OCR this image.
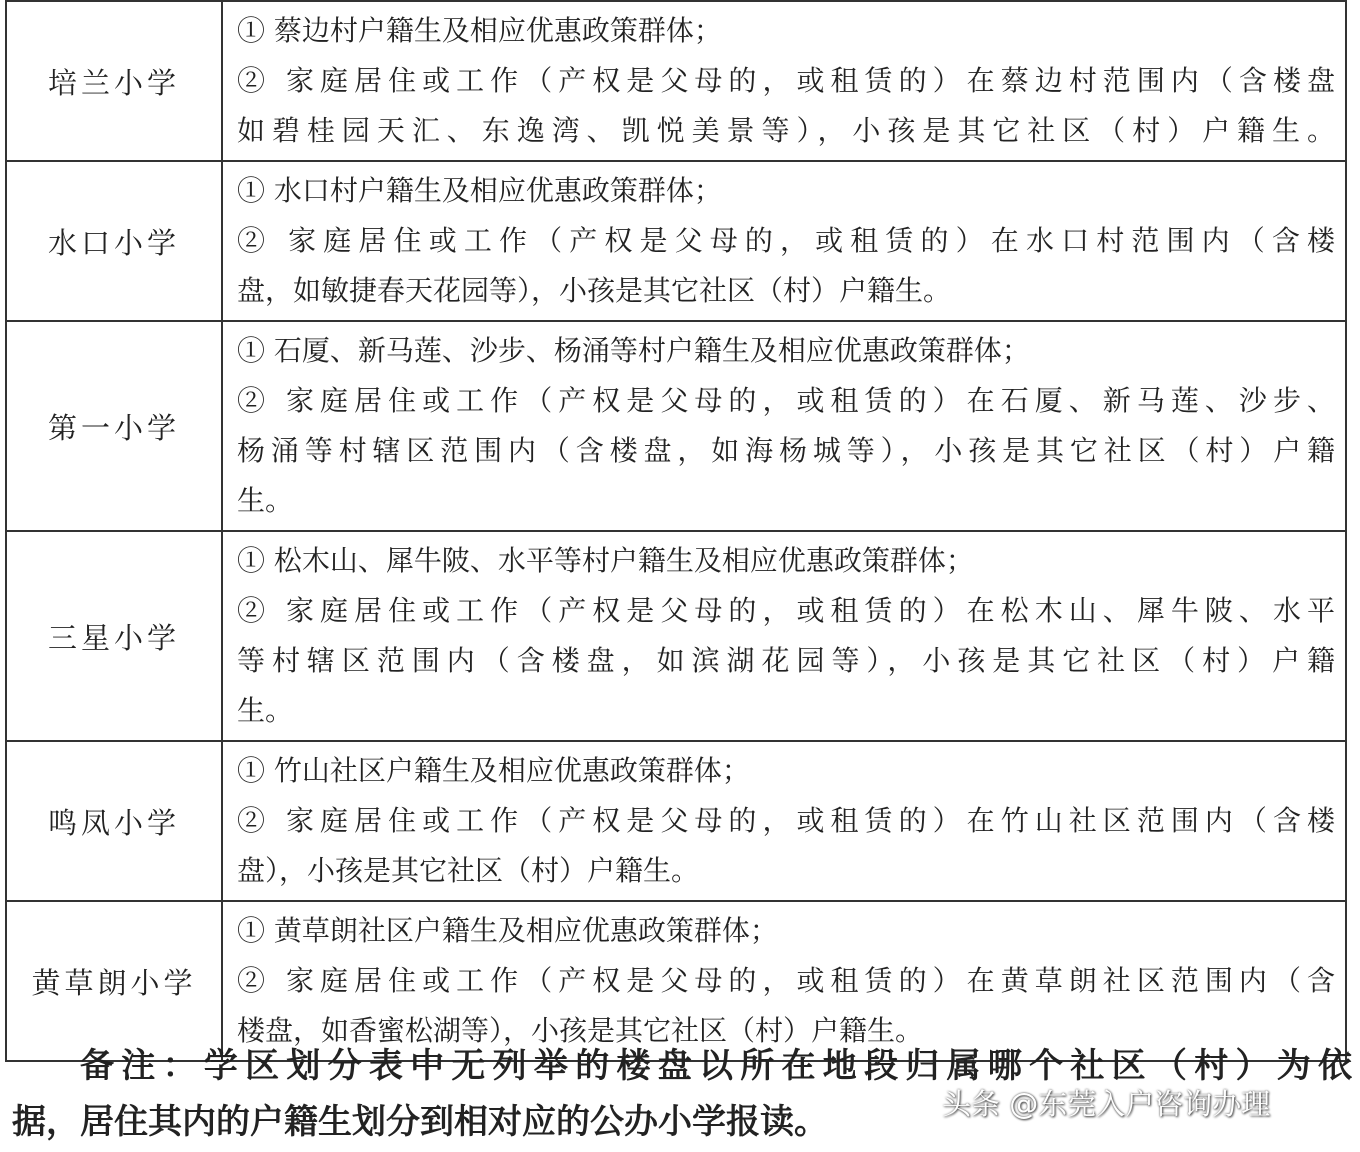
培兰小学	① 蔡边村户籍生及相应优惠政策群体；
② 家庭居住或工作（产权是父母的，或租赁的）在蔡边村范围内（含楼盘
如碧桂园天汇、东逸湾、凯悦美景等），小孩是其它社区（村）户籍生。

水口小学	① 水口村户籍生及相应优惠政策群体；
② 家庭居住或工作（产权是父母的，或租赁的）在水口村范围内（含楼
盘，如敏捷春天花园等），小孩是其它社区（村）户籍生。

第一小学	① 石厦、新马莲、沙步、杨涌等村户籍生及相应优惠政策群体；
② 家庭居住或工作（产权是父母的，或租赁的）在石厦、新马莲、沙步、
杨涌等村辖区范围内（含楼盘，如海杨城等），小孩是其它社区（村）户籍
生。

三星小学	① 松木山、犀牛陂、水平等村户籍生及相应优惠政策群体；
② 家庭居住或工作（产权是父母的，或租赁的）在松木山、犀牛陂、水平
等村辖区范围内（含楼盘，如滨湖花园等），小孩是其它社区（村）户籍
生。

鸣凤小学	① 竹山社区户籍生及相应优惠政策群体；
② 家庭居住或工作（产权是父母的，或租赁的）在竹山社区范围内（含楼
盘），小孩是其它社区（村）户籍生。

黄草朗小学	① 黄草朗社区户籍生及相应优惠政策群体；
② 家庭居住或工作（产权是父母的，或租赁的）在黄草朗社区范围内（含
楼盘，如香蜜松湖等），小孩是其它社区（村）户籍生。
备注：学区划分表中无列举的楼盘以所在地段归属哪个社区（村）为依
据，居住其内的户籍生划分到相对应的公办小学报读。	头条 @东莞入户咨询办理
